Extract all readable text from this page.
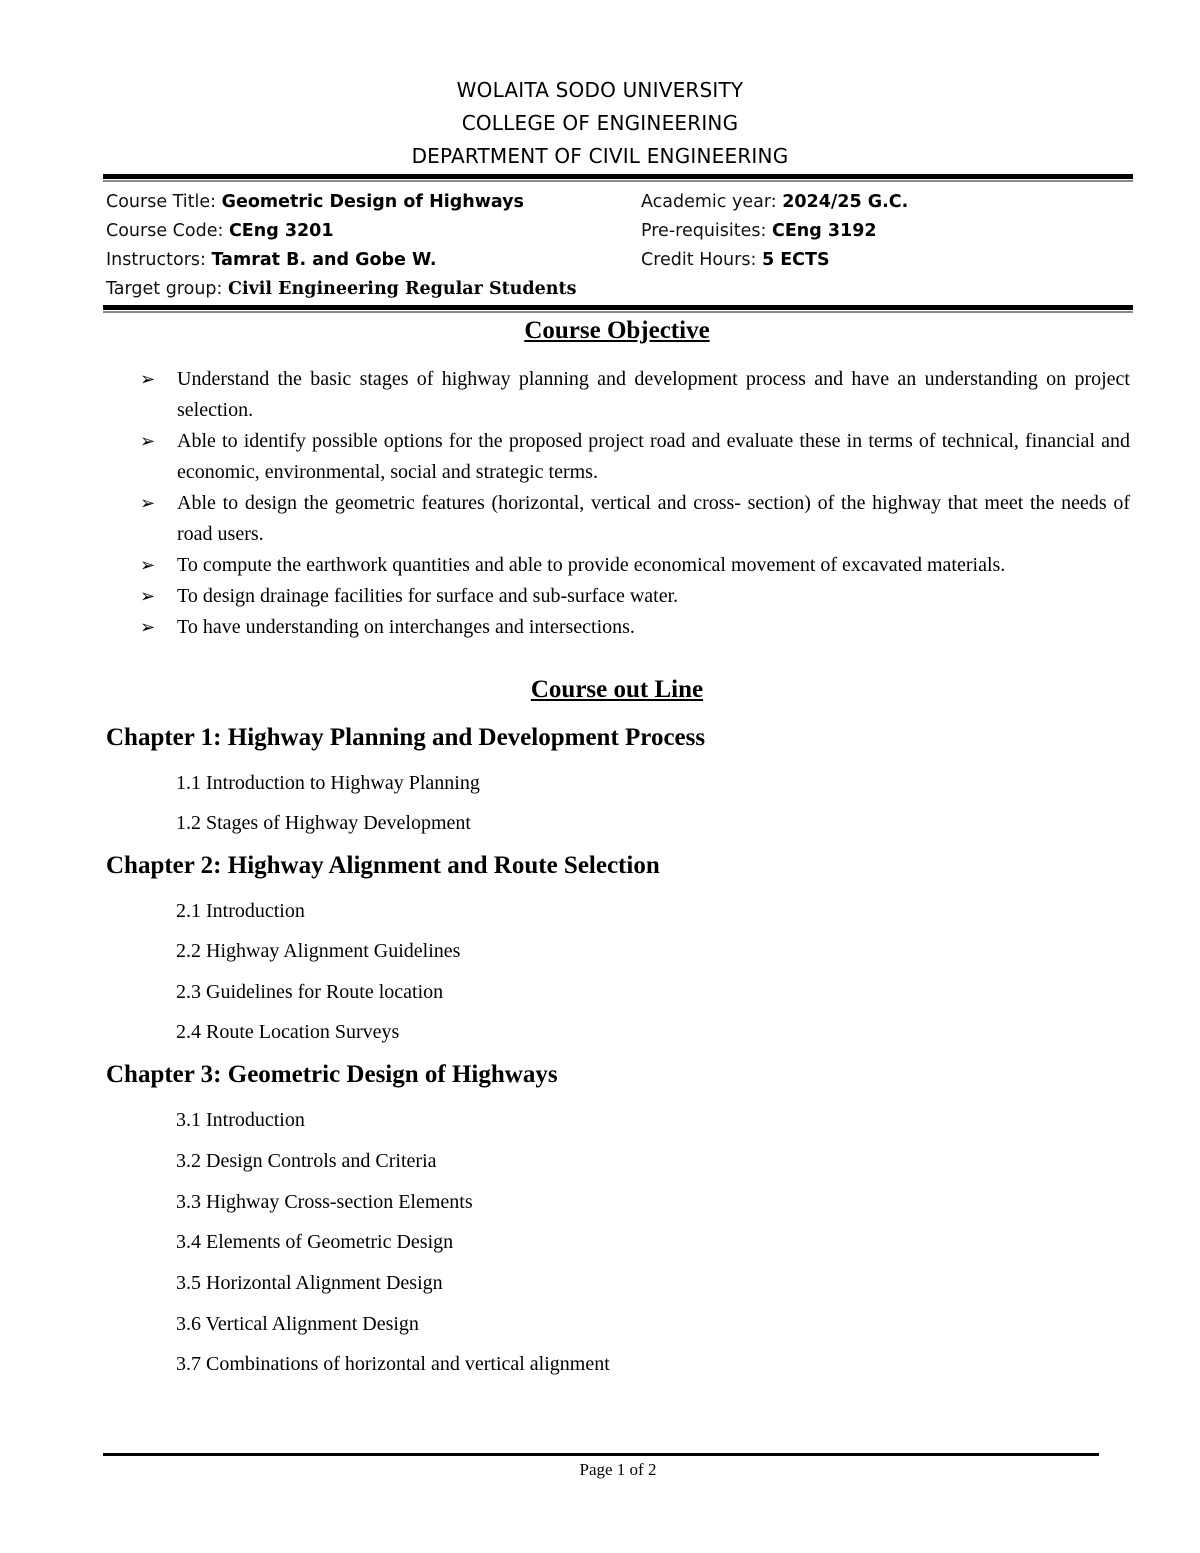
WOLAITA SODO UNIVERSITY
COLLEGE OF ENGINEERING
DEPARTMENT OF CIVIL ENGINEERING
Course Title: Geometric Design of Highways
Course Code: CEng 3201
Instructors: Tamrat B. and Gobe W.
Target group: Civil Engineering Regular Students
Academic year: 2024/25 G.C.
Pre-requisites: CEng 3192
Credit Hours: 5 ECTS
Course Objective
➢ Understand the basic stages of highway planning and development process and have an understanding on project selection.
➢ Able to identify possible options for the proposed project road and evaluate these in terms of technical, financial and economic, environmental, social and strategic terms.
➢ Able to design the geometric features (horizontal, vertical and cross- section) of the highway that meet the needs of road users.
➢ To compute the earthwork quantities and able to provide economical movement of excavated materials.
➢ To design drainage facilities for surface and sub-surface water.
➢ To have understanding on interchanges and intersections.
Course out Line
Chapter 1: Highway Planning and Development Process
1.1 Introduction to Highway Planning
1.2 Stages of Highway Development
Chapter 2: Highway Alignment and Route Selection
2.1 Introduction
2.2 Highway Alignment Guidelines
2.3 Guidelines for Route location
2.4 Route Location Surveys
Chapter 3: Geometric Design of Highways
3.1 Introduction
3.2 Design Controls and Criteria
3.3 Highway Cross-section Elements
3.4 Elements of Geometric Design
3.5 Horizontal Alignment Design
3.6 Vertical Alignment Design
3.7 Combinations of horizontal and vertical alignment
Page 1 of 2
